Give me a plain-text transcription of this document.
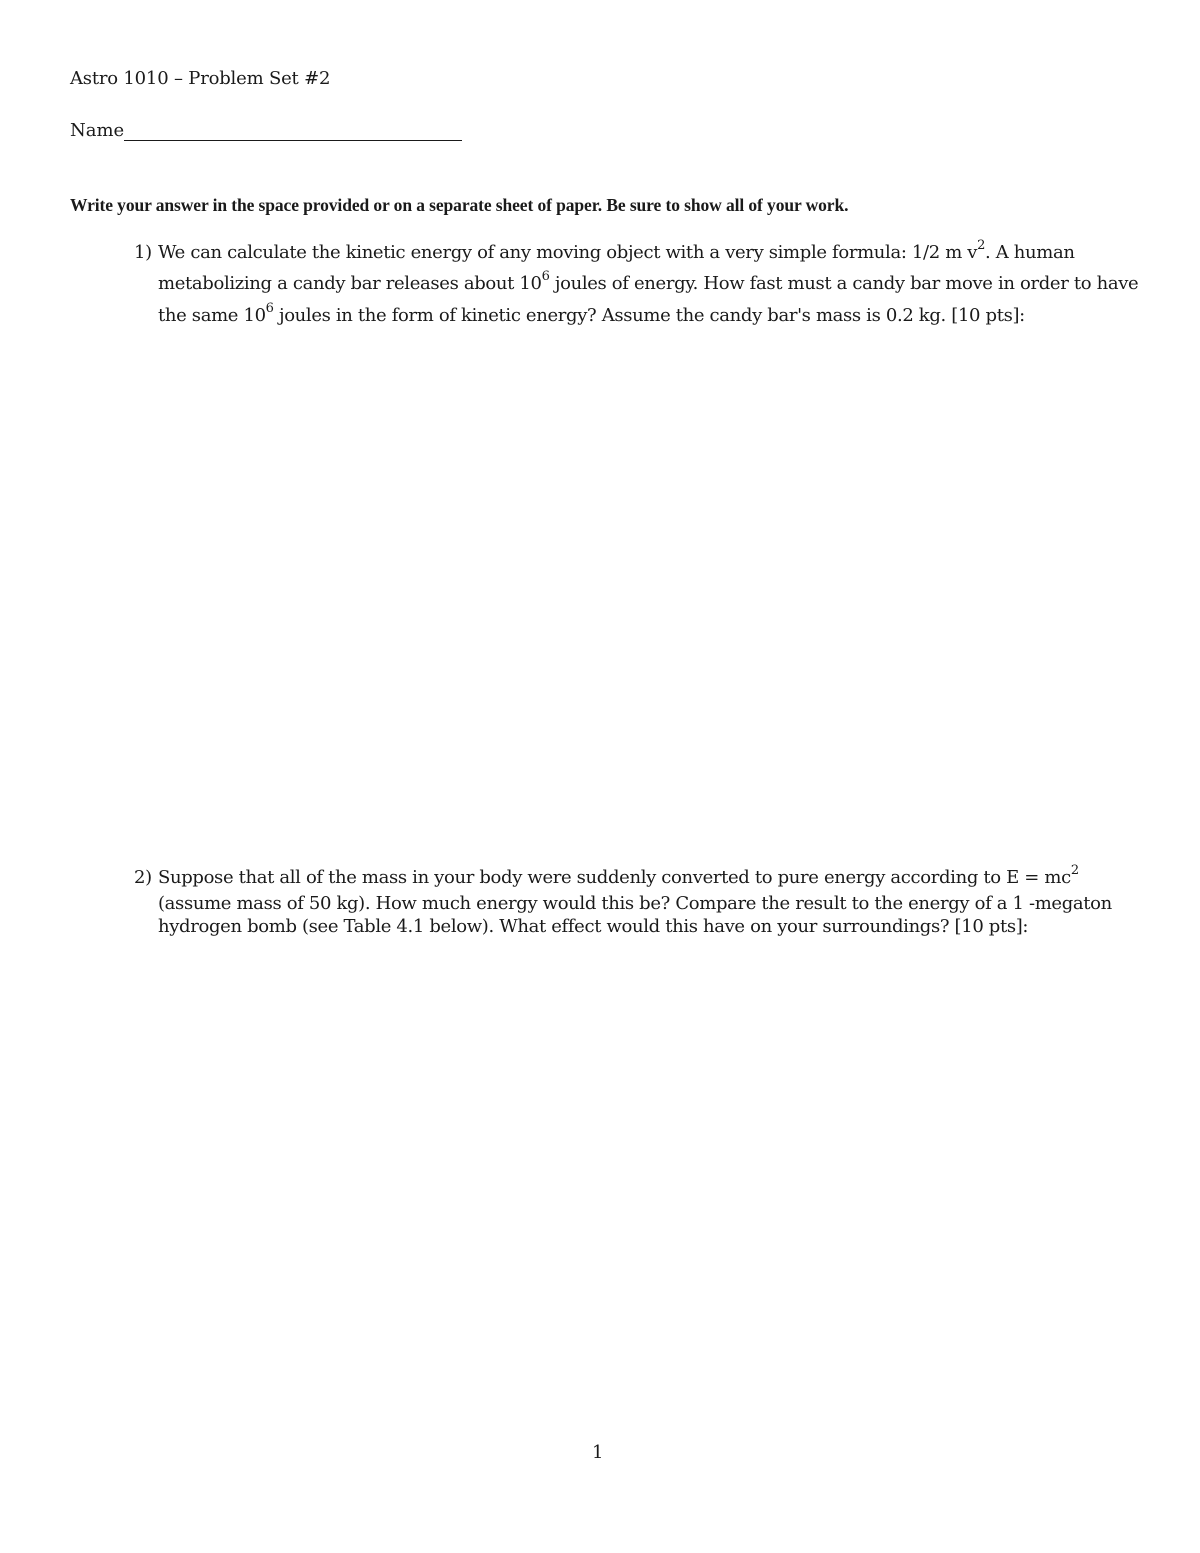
Astro 1010 – Problem Set #2
Name
Write your answer in the space provided or on a separate sheet of paper. Be sure to show all of your work.
1) We can calculate the kinetic energy of any moving object with a very simple formula: 1/2 m $v^2$. A human
metabolizing a candy bar releases about $10^6$ joules of energy. How fast must a candy bar move in order to have
the same $10^6$ joules in the form of kinetic energy? Assume the candy bar's mass is 0.2 kg. [10 pts]:
2) Suppose that all of the mass in your body were suddenly converted to pure energy according to $E = mc^2$
(assume mass of 50 kg). How much energy would this be? Compare the result to the energy of a 1 -megaton
hydrogen bomb (see Table 4.1 below). What effect would this have on your surroundings? [10 pts]:
1
